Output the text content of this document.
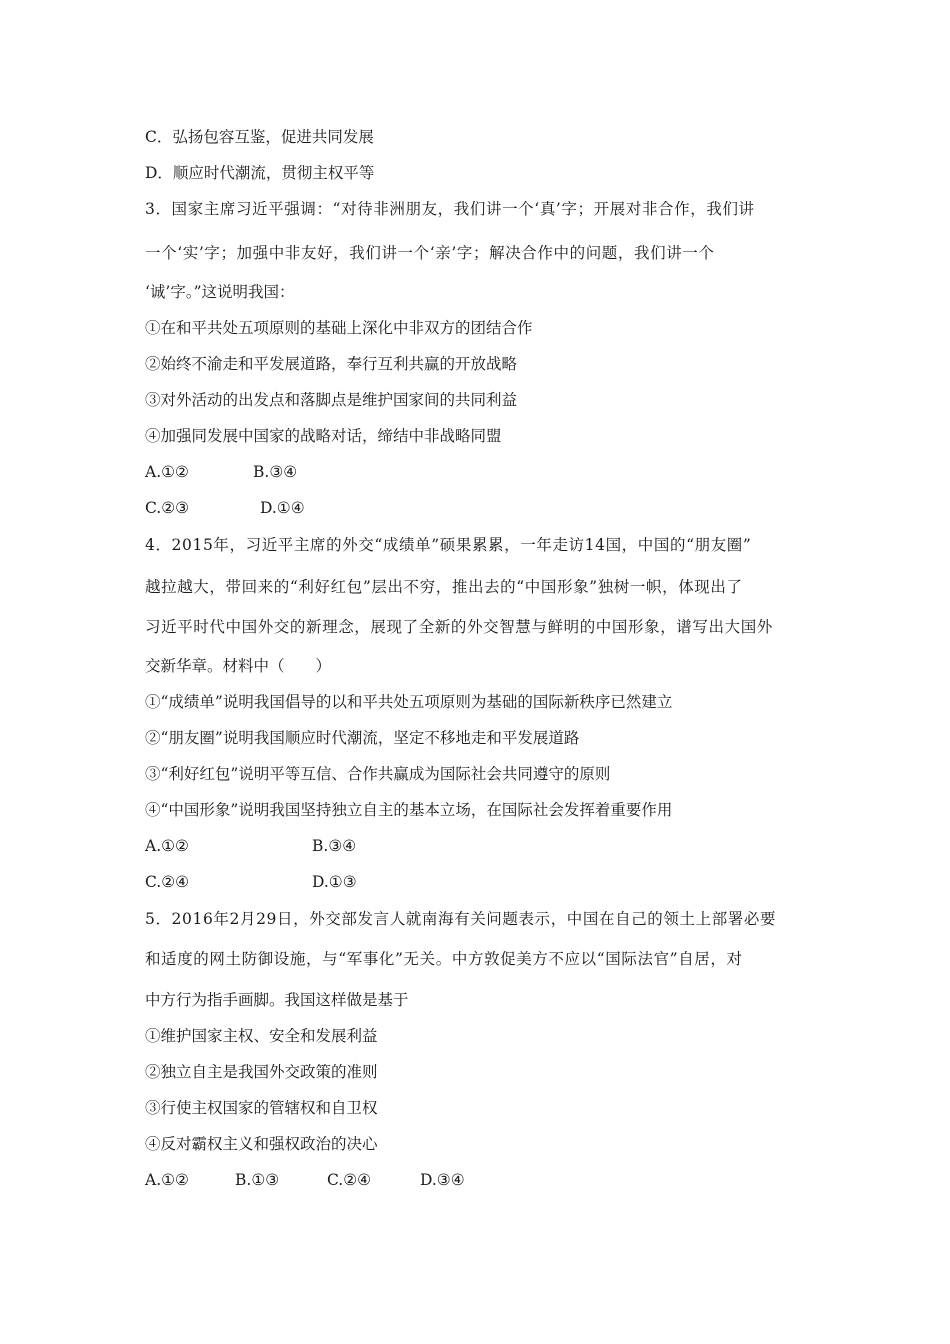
C．弘扬包容互鉴，促进共同发展

D．顺应时代潮流，贯彻主权平等

3．国家主席习近平强调：“对待非洲朋友，我们讲一个‘真’字；开展对非合作，我们讲

一个‘实’字；加强中非友好，我们讲一个‘亲’字；解决合作中的问题，我们讲一个

‘诚’字。”这说明我国：

①在和平共处五项原则的基础上深化中非双方的团结合作

②始终不渝走和平发展道路，奉行互利共赢的开放战略

③对外活动的出发点和落脚点是维护国家间的共同利益

④加强同发展中国家的战略对话，缔结中非战略同盟

A.①②	B.③④
C.②③	D.①④

4．2015年，习近平主席的外交“成绩单”硕果累累，一年走访14国，中国的“朋友圈”

越拉越大，带回来的“利好红包”层出不穷，推出去的“中国形象”独树一帜，体现出了

习近平时代中国外交的新理念，展现了全新的外交智慧与鲜明的中国形象，谱写出大国外

交新华章。材料中（　　）

①“成绩单”说明我国倡导的以和平共处五项原则为基础的国际新秩序已然建立

②“朋友圈”说明我国顺应时代潮流，坚定不移地走和平发展道路

③“利好红包”说明平等互信、合作共赢成为国际社会共同遵守的原则

④“中国形象”说明我国坚持独立自主的基本立场，在国际社会发挥着重要作用

A.①②	B.③④
C.②④	D.①③

5．2016年2月29日，外交部发言人就南海有关问题表示，中国在自己的领土上部署必要

和适度的网土防御设施，与“军事化”无关。中方敦促美方不应以“国际法官”自居，对

中方行为指手画脚。我国这样做是基于

①维护国家主权、安全和发展利益

②独立自主是我国外交政策的准则

③行使主权国家的管辖权和自卫权

④反对霸权主义和强权政治的决心

A.①②	B.①③	C.②④	D.③④
